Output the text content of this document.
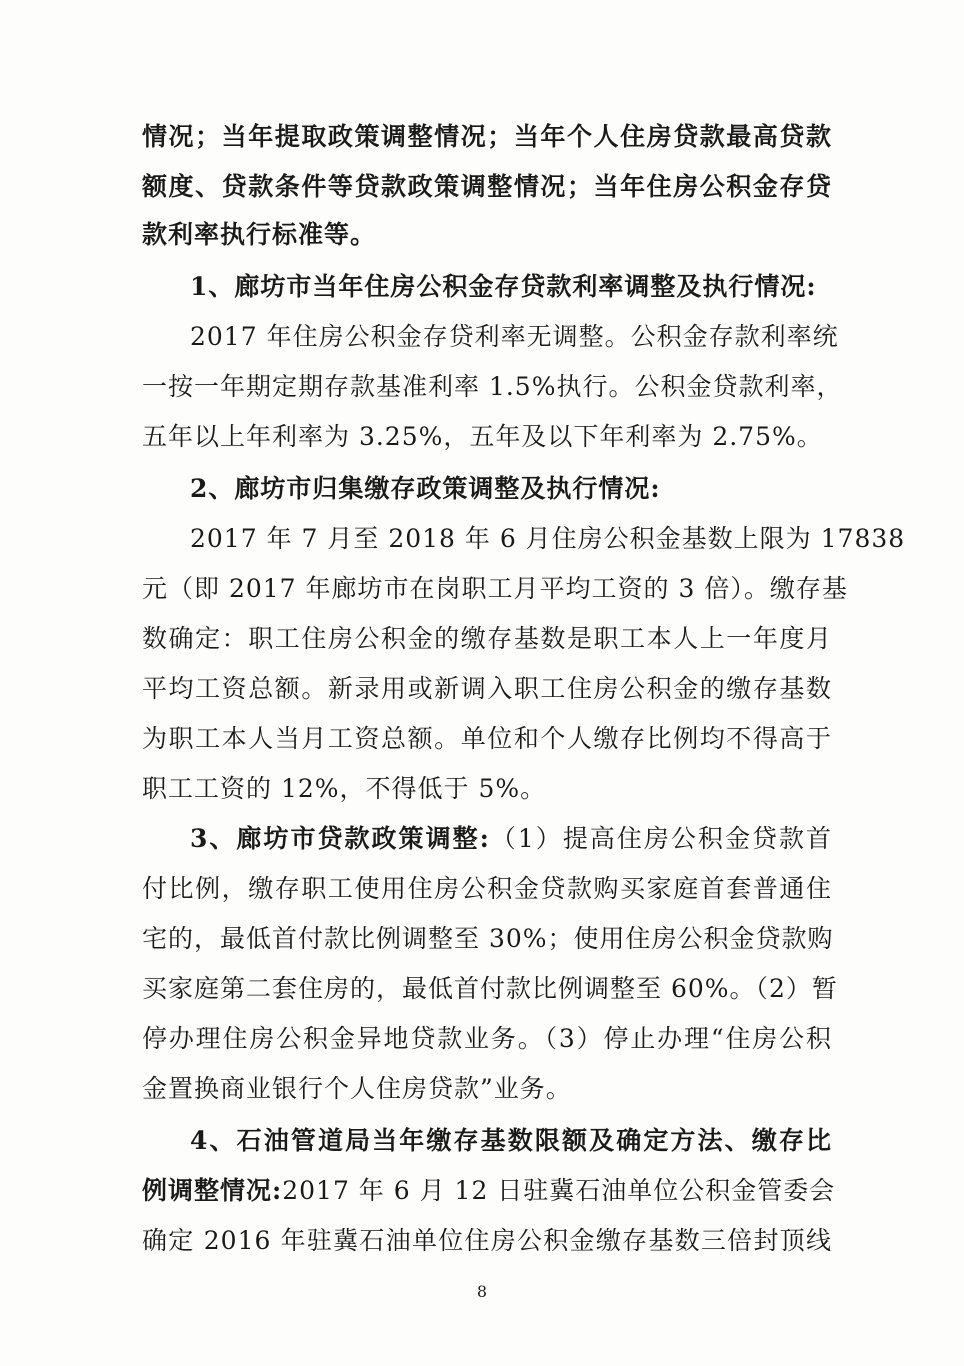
情况；当年提取政策调整情况；当年个人住房贷款最高贷款
额度、贷款条件等贷款政策调整情况；当年住房公积金存贷
款利率执行标准等。
1、廊坊市当年住房公积金存贷款利率调整及执行情况:
2017 年住房公积金存贷利率无调整。公积金存款利率统
一按一年期定期存款基准利率 1.5%执行。公积金贷款利率，
五年以上年利率为 3.25%，五年及以下年利率为 2.75%。
2、廊坊市归集缴存政策调整及执行情况:
2017 年 7 月至 2018 年 6 月住房公积金基数上限为 17838
元（即 2017 年廊坊市在岗职工月平均工资的 3 倍）。缴存基
数确定：职工住房公积金的缴存基数是职工本人上一年度月
平均工资总额。新录用或新调入职工住房公积金的缴存基数
为职工本人当月工资总额。单位和个人缴存比例均不得高于
职工工资的 12%，不得低于 5%。
3、廊坊市贷款政策调整:（1）提高住房公积金贷款首
付比例，缴存职工使用住房公积金贷款购买家庭首套普通住
宅的，最低首付款比例调整至 30%；使用住房公积金贷款购
买家庭第二套住房的，最低首付款比例调整至 60%。（2）暂
停办理住房公积金异地贷款业务。（3）停止办理“住房公积
金置换商业银行个人住房贷款”业务。
4、石油管道局当年缴存基数限额及确定方法、缴存比
例调整情况:2017 年 6 月 12 日驻冀石油单位公积金管委会
确定 2016 年驻冀石油单位住房公积金缴存基数三倍封顶线
8
